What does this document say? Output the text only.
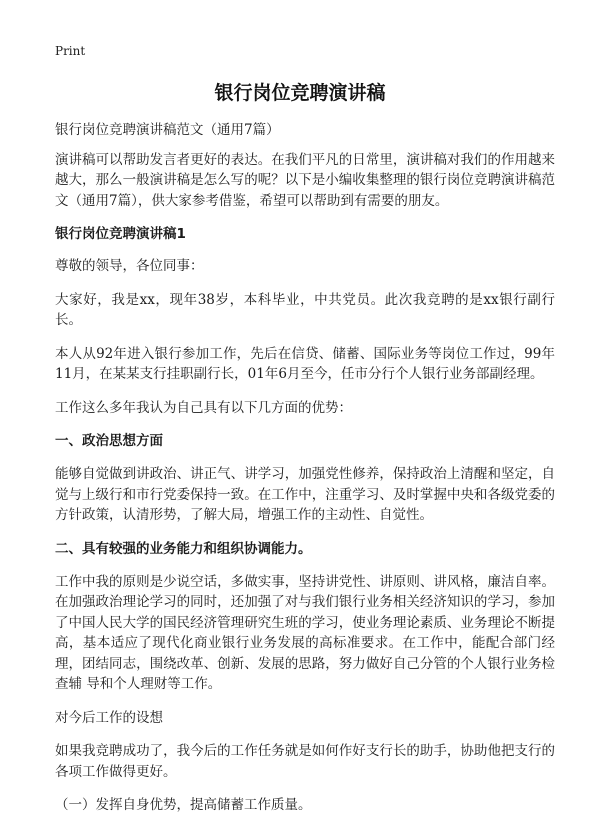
Print
银行岗位竞聘演讲稿

银行岗位竞聘演讲稿范文（通用7篇）

演讲稿可以帮助发言者更好的表达。在我们平凡的日常里，演讲稿对我们的作用越来越大，那么一般演讲稿是怎么写的呢？以下是小编收集整理的银行岗位竞聘演讲稿范文（通用7篇），供大家参考借鉴，希望可以帮助到有需要的朋友。

银行岗位竞聘演讲稿1

尊敬的领导，各位同事：

大家好，我是xx，现年38岁，本科毕业，中共党员。此次我竞聘的是xx银行副行长。

本人从92年进入银行参加工作，先后在信贷、储蓄、国际业务等岗位工作过，99年11月，在某某支行挂职副行长，01年6月至今，任市分行个人银行业务部副经理。

工作这么多年我认为自己具有以下几方面的优势：

一、政治思想方面

能够自觉做到讲政治、讲正气、讲学习，加强党性修养，保持政治上清醒和坚定，自觉与上级行和市行党委保持一致。在工作中，注重学习、及时掌握中央和各级党委的方针政策，认清形势，了解大局，增强工作的主动性、自觉性。

二、具有较强的业务能力和组织协调能力。

工作中我的原则是少说空话，多做实事，坚持讲党性、讲原则、讲风格，廉洁自率。在加强政治理论学习的同时，还加强了对与我们银行业务相关经济知识的学习，参加了中国人民大学的国民经济管理研究生班的学习，使业务理论素质、业务理论不断提高，基本适应了现代化商业银行业务发展的高标准要求。在工作中，能配合部门经理，团结同志，围绕改革、创新、发展的思路，努力做好自己分管的个人银行业务检查辅 导和个人理财等工作。

对今后工作的设想

如果我竞聘成功了，我今后的工作任务就是如何作好支行长的助手，协助他把支行的各项工作做得更好。

（一）发挥自身优势，提高储蓄工作质量。
